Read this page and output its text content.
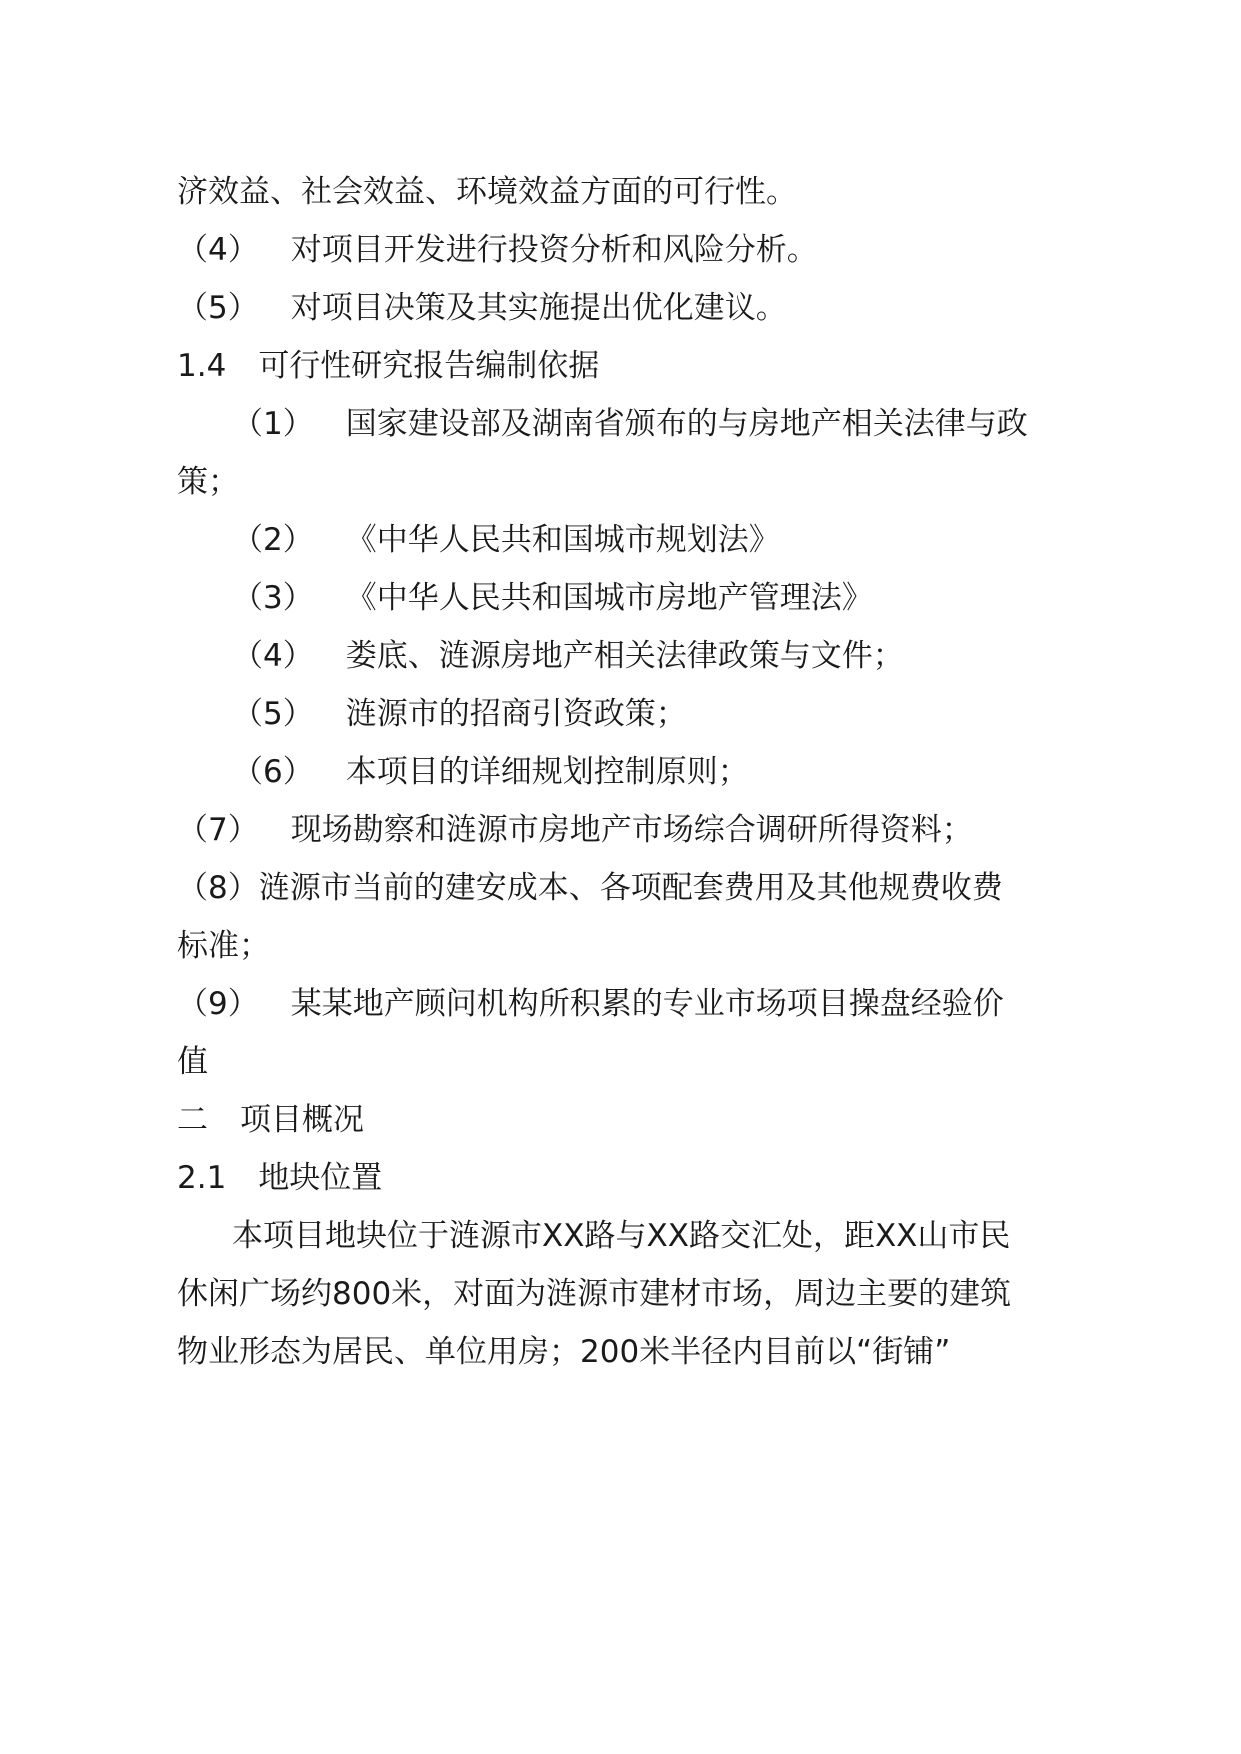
济效益、社会效益、环境效益方面的可行性。
（4） 对项目开发进行投资分析和风险分析。
（5） 对项目决策及其实施提出优化建议。
1.4 可行性研究报告编制依据
（1） 国家建设部及湖南省颁布的与房地产相关法律与政
策；
（2） 《中华人民共和国城市规划法》
（3） 《中华人民共和国城市房地产管理法》
（4） 娄底、涟源房地产相关法律政策与文件；
（5） 涟源市的招商引资政策；
（6） 本项目的详细规划控制原则；
（7） 现场勘察和涟源市房地产市场综合调研所得资料；
（8）涟源市当前的建安成本、各项配套费用及其他规费收费
标准；
（9） 某某地产顾问机构所积累的专业市场项目操盘经验价
值
二 项目概况
2.1 地块位置
本项目地块位于涟源市XX路与XX路交汇处，距XX山市民
休闲广场约800米，对面为涟源市建材市场，周边主要的建筑
物业形态为居民、单位用房；200米半径内目前以“街铺”
